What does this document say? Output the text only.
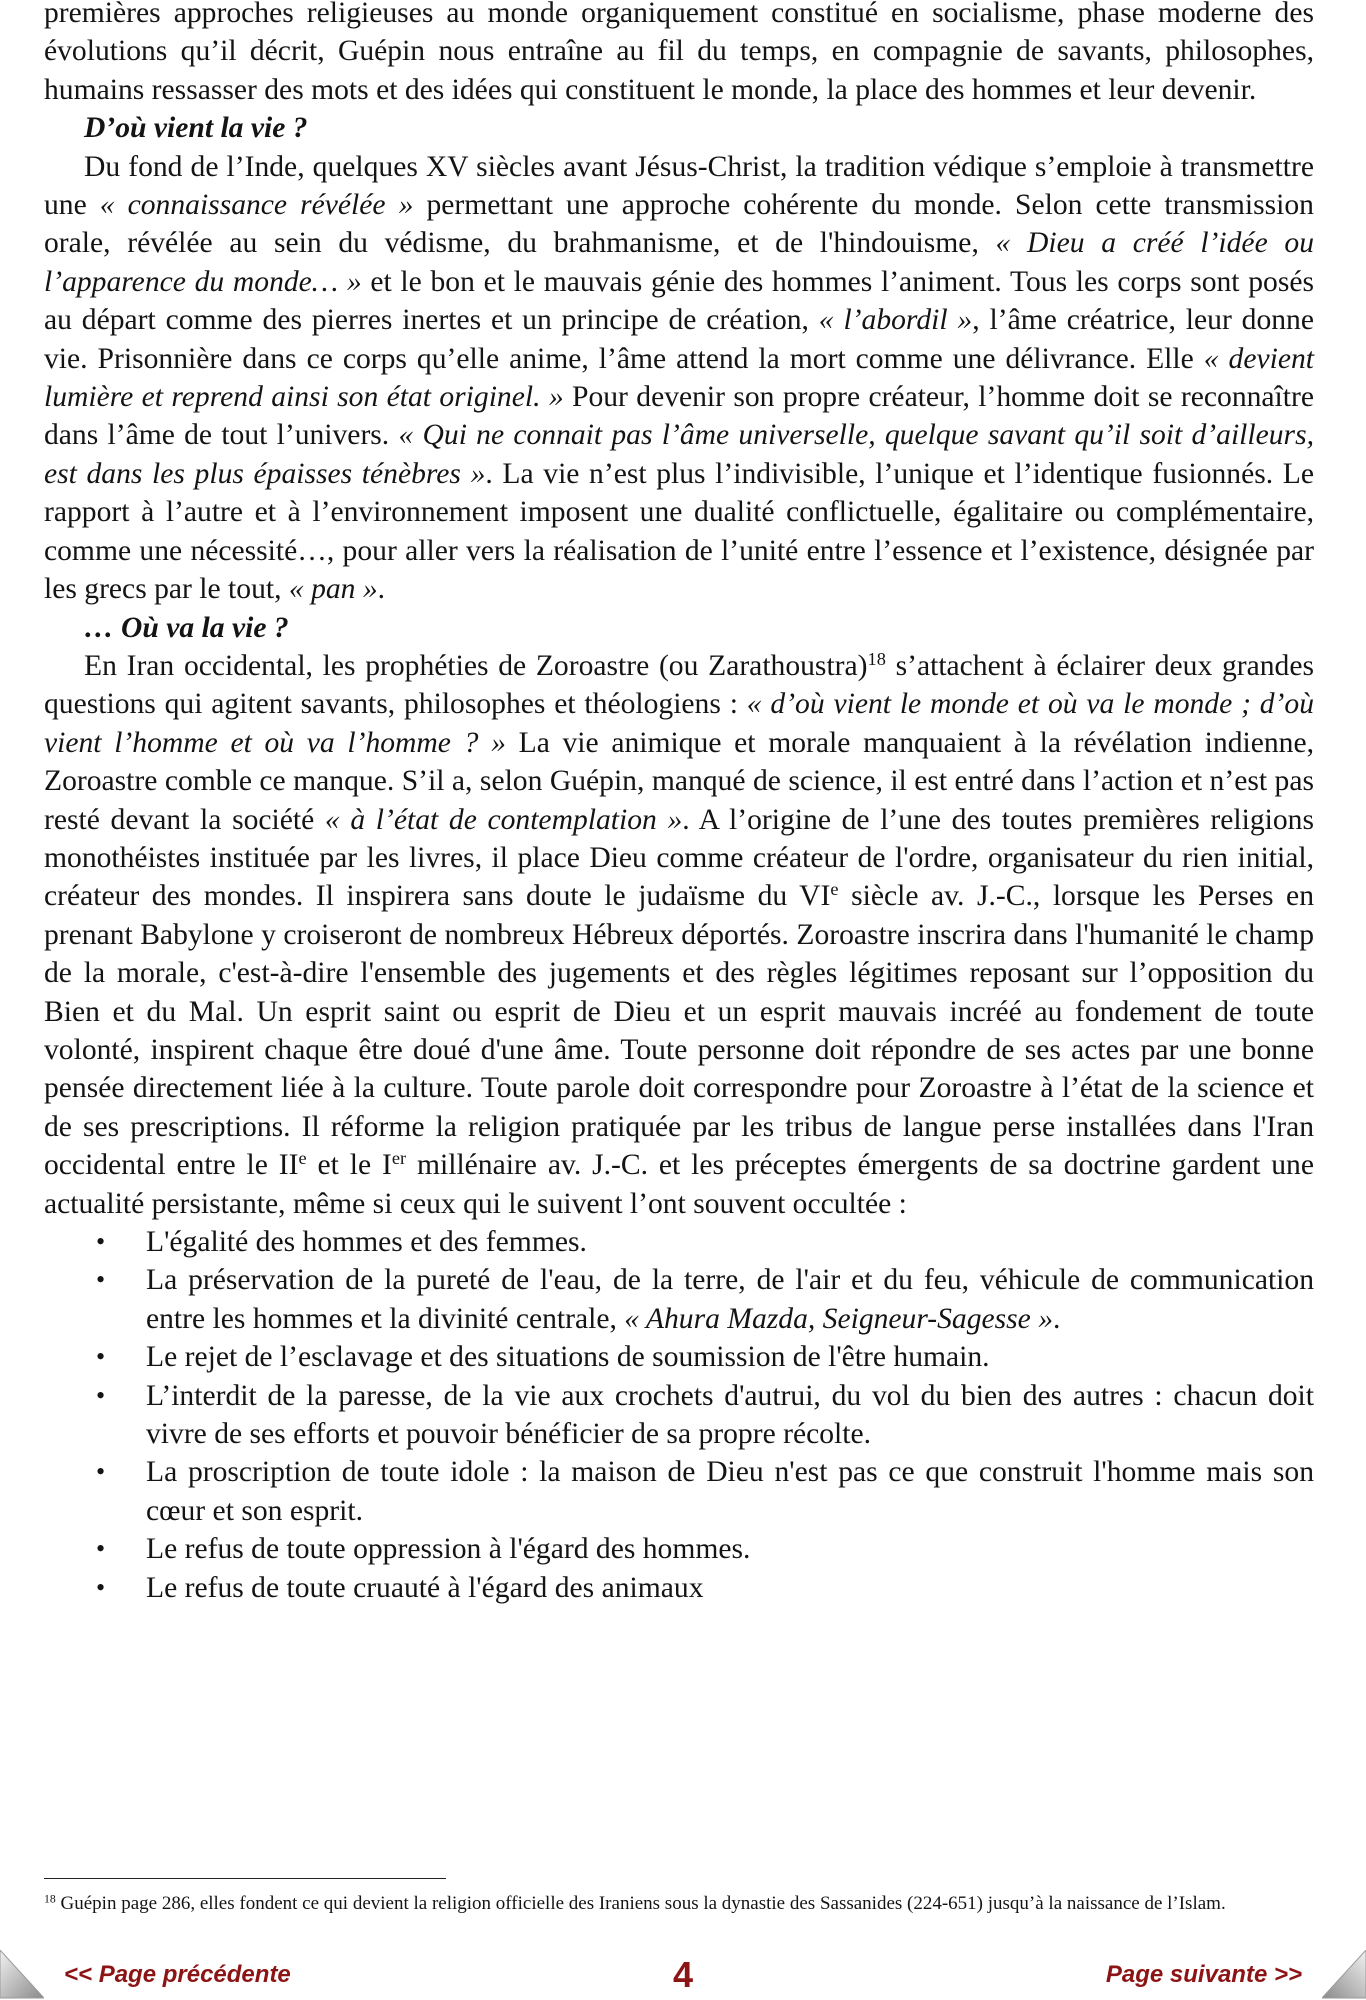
premières approches religieuses au monde organiquement constitué en socialisme, phase moderne des évolutions qu’il décrit, Guépin nous entraîne au fil du temps, en compagnie de savants, philosophes, humains ressasser des mots et des idées qui constituent le monde, la place des hommes et leur devenir.

D’où vient la vie ?

Du fond de l’Inde, quelques XV siècles avant Jésus-Christ, la tradition védique s’emploie à transmettre une « connaissance révélée » permettant une approche cohérente du monde. Selon cette transmission orale, révélée au sein du védisme, du brahmanisme, et de l'hindouisme, « Dieu a créé l’idée ou l’apparence du monde… » et le bon et le mauvais génie des hommes l’animent. Tous les corps sont posés au départ comme des pierres inertes et un principe de création, « l’abordil », l’âme créatrice, leur donne vie. Prisonnière dans ce corps qu’elle anime, l’âme attend la mort comme une délivrance. Elle « devient lumière et reprend ainsi son état originel. » Pour devenir son propre créateur, l’homme doit se reconnaître dans l’âme de tout l’univers. « Qui ne connait pas l’âme universelle, quelque savant qu’il soit d’ailleurs, est dans les plus épaisses ténèbres ». La vie n’est plus l’indivisible, l’unique et l’identique fusionnés. Le rapport à l’autre et à l’environnement imposent une dualité conflictuelle, égalitaire ou complémentaire, comme une nécessité…, pour aller vers la réalisation de l’unité entre l’essence et l’existence, désignée par les grecs par le tout, « pan ».

… Où va la vie ?

En Iran occidental, les prophéties de Zoroastre (ou Zarathoustra)$^{18}$ s’attachent à éclairer deux grandes questions qui agitent savants, philosophes et théologiens : « d’où vient le monde et où va le monde ; d’où vient l’homme et où va l’homme ? » La vie animique et morale manquaient à la révélation indienne, Zoroastre comble ce manque. S’il a, selon Guépin, manqué de science, il est entré dans l’action et n’est pas resté devant la société « à l’état de contemplation ». A l’origine de l’une des toutes premières religions monothéistes instituée par les livres, il place Dieu comme créateur de l'ordre, organisateur du rien initial, créateur des mondes. Il inspirera sans doute le judaïsme du VIe siècle av. J.-C., lorsque les Perses en prenant Babylone y croiseront de nombreux Hébreux déportés. Zoroastre inscrira dans l'humanité le champ de la morale, c'est-à-dire l'ensemble des jugements et des règles légitimes reposant sur l’opposition du Bien et du Mal. Un esprit saint ou esprit de Dieu et un esprit mauvais incréé au fondement de toute volonté, inspirent chaque être doué d'une âme. Toute personne doit répondre de ses actes par une bonne pensée directement liée à la culture. Toute parole doit correspondre pour Zoroastre à l’état de la science et de ses prescriptions. Il réforme la religion pratiquée par les tribus de langue perse installées dans l'Iran occidental entre le IIe et le Ier millénaire av. J.-C. et les préceptes émergents de sa doctrine gardent une actualité persistante, même si ceux qui le suivent l’ont souvent occultée :

• L'égalité des hommes et des femmes.
• La préservation de la pureté de l'eau, de la terre, de l'air et du feu, véhicule de communication entre les hommes et la divinité centrale, « Ahura Mazda, Seigneur-Sagesse ».
• Le rejet de l’esclavage et des situations de soumission de l'être humain.
• L’interdit de la paresse, de la vie aux crochets d'autrui, du vol du bien des autres : chacun doit vivre de ses efforts et pouvoir bénéficier de sa propre récolte.
• La proscription de toute idole : la maison de Dieu n'est pas ce que construit l'homme mais son cœur et son esprit.
• Le refus de toute oppression à l'égard des hommes.
• Le refus de toute cruauté à l'égard des animaux
$^{18}$ Guépin page 286, elles fondent ce qui devient la religion officielle des Iraniens sous la dynastie des Sassanides (224-651) jusqu’à la naissance de l’Islam.
<< Page précédente	4	Page suivante >>
